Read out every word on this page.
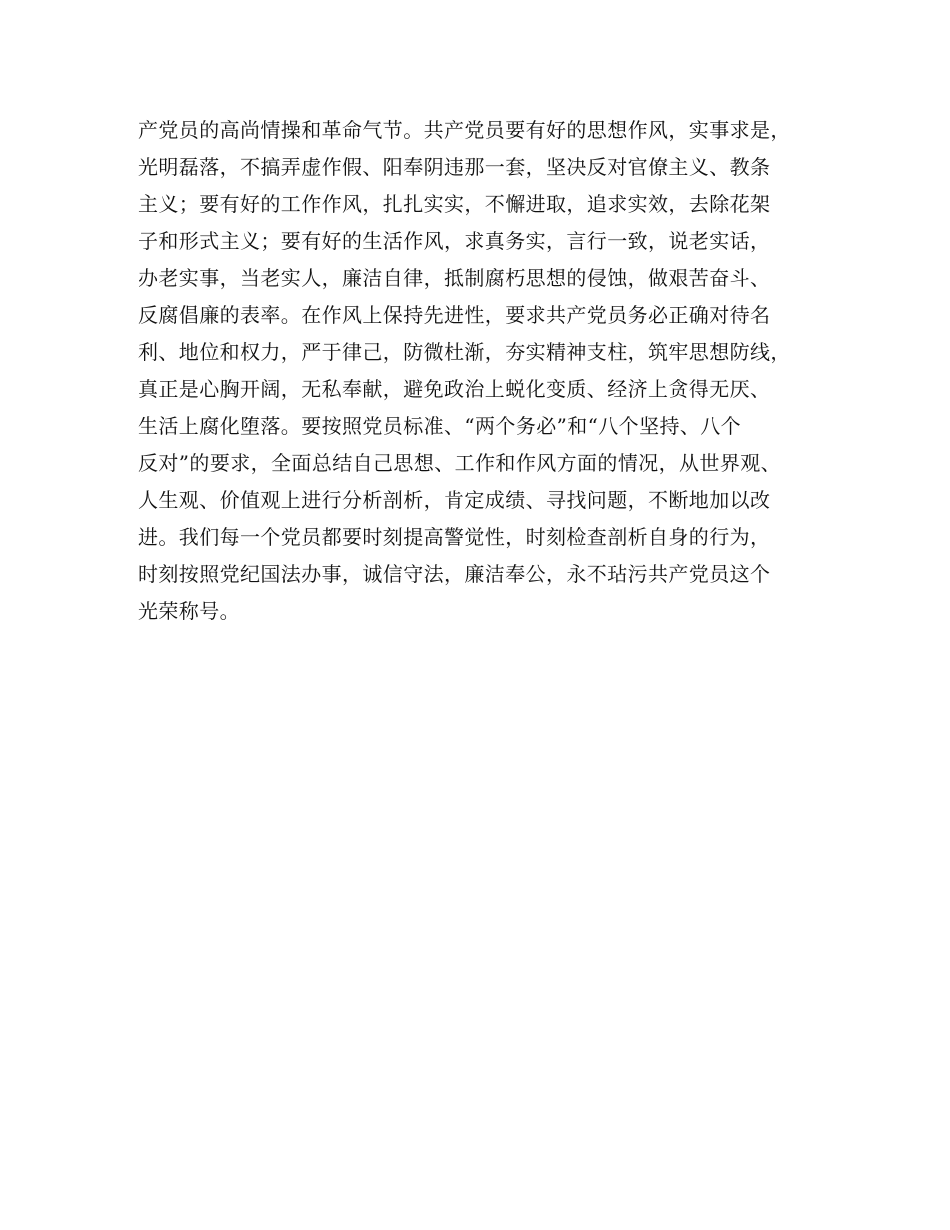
产党员的高尚情操和革命气节。共产党员要有好的思想作风，实事求是，
光明磊落，不搞弄虚作假、阳奉阴违那一套，坚决反对官僚主义、教条
主义；要有好的工作作风，扎扎实实，不懈进取，追求实效，去除花架
子和形式主义；要有好的生活作风，求真务实，言行一致，说老实话，
办老实事，当老实人，廉洁自律，抵制腐朽思想的侵蚀，做艰苦奋斗、
反腐倡廉的表率。在作风上保持先进性，要求共产党员务必正确对待名
利、地位和权力，严于律己，防微杜渐，夯实精神支柱，筑牢思想防线，
真正是心胸开阔，无私奉献，避免政治上蜕化变质、经济上贪得无厌、
生活上腐化堕落。要按照党员标准、“两个务必”和“八个坚持、八个
反对”的要求，全面总结自己思想、工作和作风方面的情况，从世界观、
人生观、价值观上进行分析剖析，肯定成绩、寻找问题，不断地加以改
进。我们每一个党员都要时刻提高警觉性，时刻检查剖析自身的行为，
时刻按照党纪国法办事，诚信守法，廉洁奉公，永不玷污共产党员这个
光荣称号。
